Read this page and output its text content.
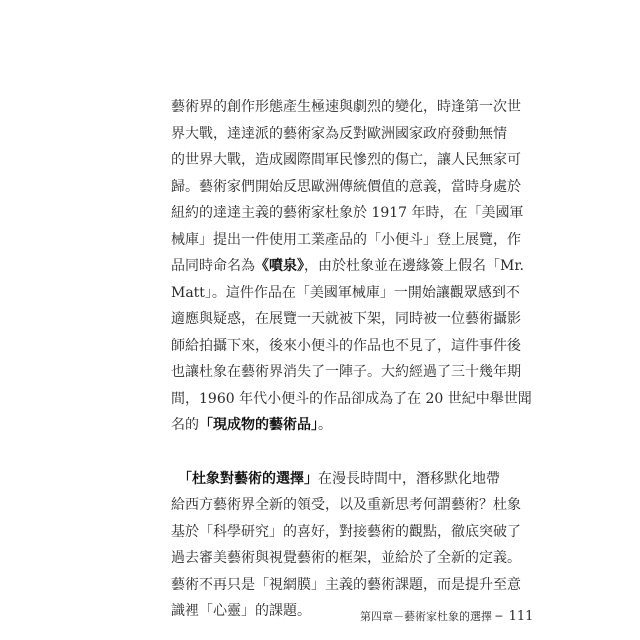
藝術界的創作形態產生極速與劇烈的變化，時逢第一次世
界大戰，達達派的藝術家為反對歐洲國家政府發動無情
的世界大戰，造成國際間軍民慘烈的傷亡，讓人民無家可
歸。藝術家們開始反思歐洲傳統價值的意義，當時身處於
紐約的達達主義的藝術家杜象於 1917 年時，在「美國軍
械庫」提出一件使用工業產品的「小便斗」登上展覽，作
品同時命名為《噴泉》，由於杜象並在邊緣簽上假名「Mr.
Matt」。這件作品在「美國軍械庫」一開始讓觀眾感到不
適應與疑惑，在展覽一天就被下架，同時被一位藝術攝影
師給拍攝下來，後來小便斗的作品也不見了，這件事件後
也讓杜象在藝術界消失了一陣子。大約經過了三十幾年期
間，1960 年代小便斗的作品卻成為了在 20 世紀中舉世聞
名的「現成物的藝術品」。

　「杜象對藝術的選擇」在漫長時間中，潛移默化地帶
給西方藝術界全新的領受，以及重新思考何謂藝術？杜象
基於「科學研究」的喜好，對接藝術的觀點，徹底突破了
過去審美藝術與視覺藝術的框架，並給於了全新的定義。
藝術不再只是「視網膜」主義的藝術課題，而是提升至意
識裡「心靈」的課題。	第四章－藝術家杜象的選擇 ─ 111
